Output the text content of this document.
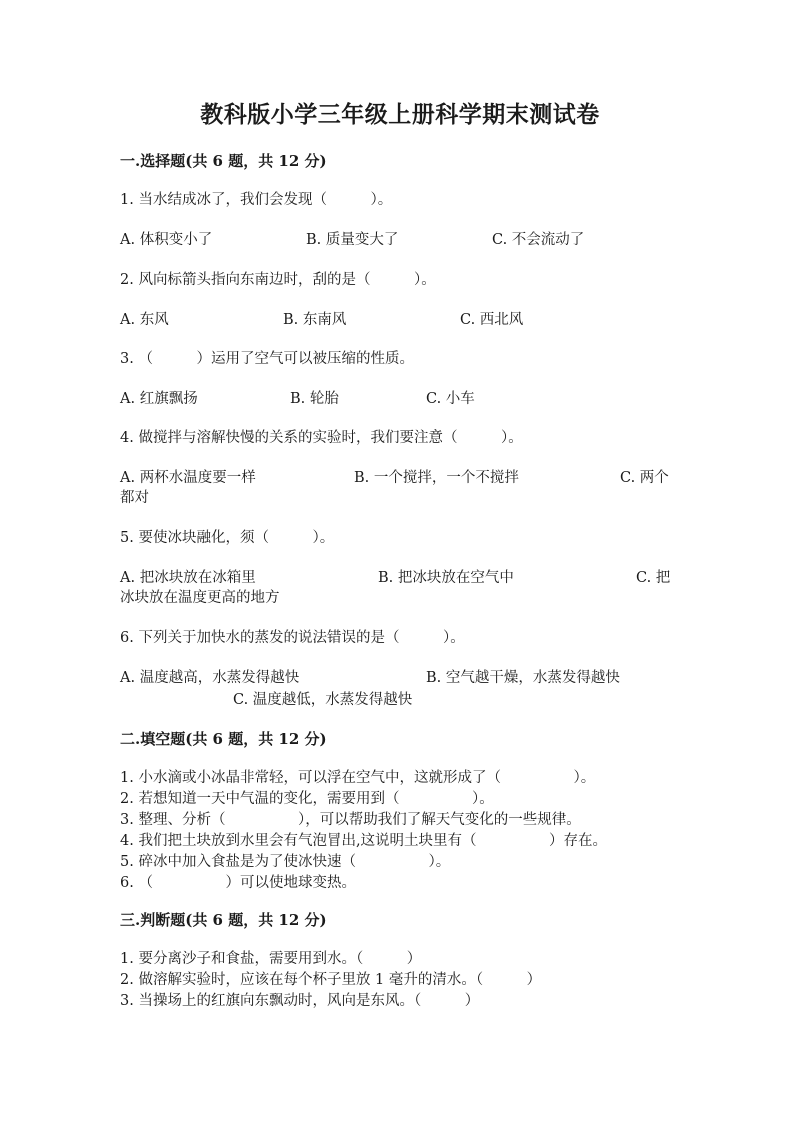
教科版小学三年级上册科学期末测试卷
一.选择题(共 6 题，共 12 分)
1. 当水结成冰了，我们会发现（　　　）。
A. 体积变小了	B. 质量变大了	C. 不会流动了
2. 风向标箭头指向东南边时，刮的是（　　　）。
A. 东风	B. 东南风	C. 西北风
3. （　　　）运用了空气可以被压缩的性质。
A. 红旗飘扬	B. 轮胎	C. 小车
4. 做搅拌与溶解快慢的关系的实验时，我们要注意（　　　）。
A. 两杯水温度要一样	B. 一个搅拌，一个不搅拌	C. 两个
都对
5. 要使冰块融化，须（　　　）。
A. 把冰块放在冰箱里	B. 把冰块放在空气中	C. 把
冰块放在温度更高的地方
6. 下列关于加快水的蒸发的说法错误的是（　　　）。
A. 温度越高，水蒸发得越快	B. 空气越干燥，水蒸发得越快
C. 温度越低，水蒸发得越快
二.填空题(共 6 题，共 12 分)
1. 小水滴或小冰晶非常轻，可以浮在空气中，这就形成了（　　　　　）。
2. 若想知道一天中气温的变化，需要用到（　　　　　）。
3. 整理、分析（　　　　　），可以帮助我们了解天气变化的一些规律。
4. 我们把土块放到水里会有气泡冒出,这说明土块里有（　　　　　）存在。
5. 碎冰中加入食盐是为了使冰快速（　　　　　）。
6. （　　　　　）可以使地球变热。
三.判断题(共 6 题，共 12 分)
1. 要分离沙子和食盐，需要用到水。（　　　）
2. 做溶解实验时，应该在每个杯子里放 1 毫升的清水。（　　　）
3. 当操场上的红旗向东飘动时，风向是东风。（　　　）
